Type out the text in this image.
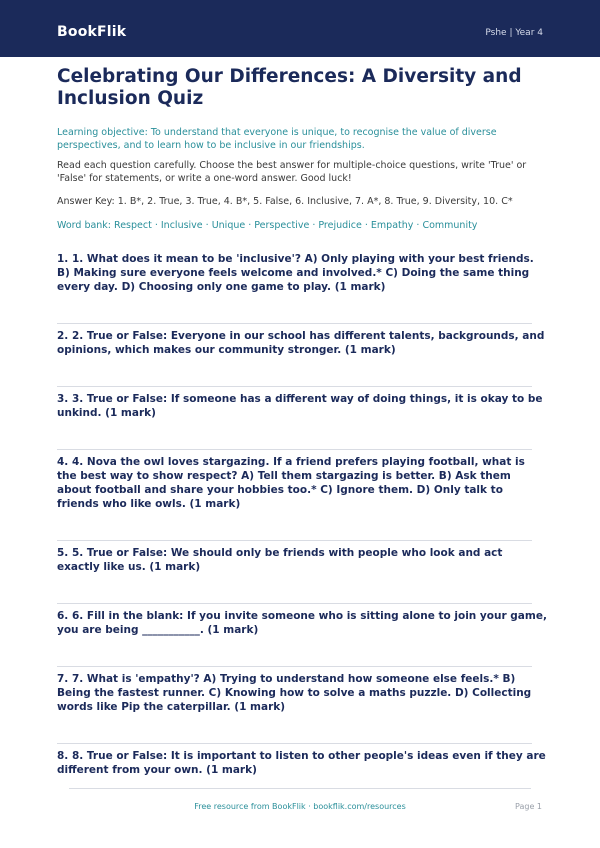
BookFlik	Pshe | Year 4
Celebrating Our Differences: A Diversity and Inclusion Quiz

Learning objective: To understand that everyone is unique, to recognise the value of diverse perspectives, and to learn how to be inclusive in our friendships.

Read each question carefully. Choose the best answer for multiple-choice questions, write 'True' or 'False' for statements, or write a one-word answer. Good luck!

Answer Key: 1. B*, 2. True, 3. True, 4. B*, 5. False, 6. Inclusive, 7. A*, 8. True, 9. Diversity, 10. C*

Word bank: Respect · Inclusive · Unique · Perspective · Prejudice · Empathy · Community

1. 1. What does it mean to be 'inclusive'? A) Only playing with your best friends. B) Making sure everyone feels welcome and involved.* C) Doing the same thing every day. D) Choosing only one game to play. (1 mark)
2. 2. True or False: Everyone in our school has different talents, backgrounds, and opinions, which makes our community stronger. (1 mark)
3. 3. True or False: If someone has a different way of doing things, it is okay to be unkind. (1 mark)
4. 4. Nova the owl loves stargazing. If a friend prefers playing football, what is the best way to show respect? A) Tell them stargazing is better. B) Ask them about football and share your hobbies too.* C) Ignore them. D) Only talk to friends who like owls. (1 mark)
5. 5. True or False: We should only be friends with people who look and act exactly like us. (1 mark)
6. 6. Fill in the blank: If you invite someone who is sitting alone to join your game, you are being ___________. (1 mark)
7. 7. What is 'empathy'? A) Trying to understand how someone else feels.* B) Being the fastest runner. C) Knowing how to solve a maths puzzle. D) Collecting words like Pip the caterpillar. (1 mark)
8. 8. True or False: It is important to listen to other people's ideas even if they are different from your own. (1 mark)
Free resource from BookFlik · bookflik.com/resources	Page 1
